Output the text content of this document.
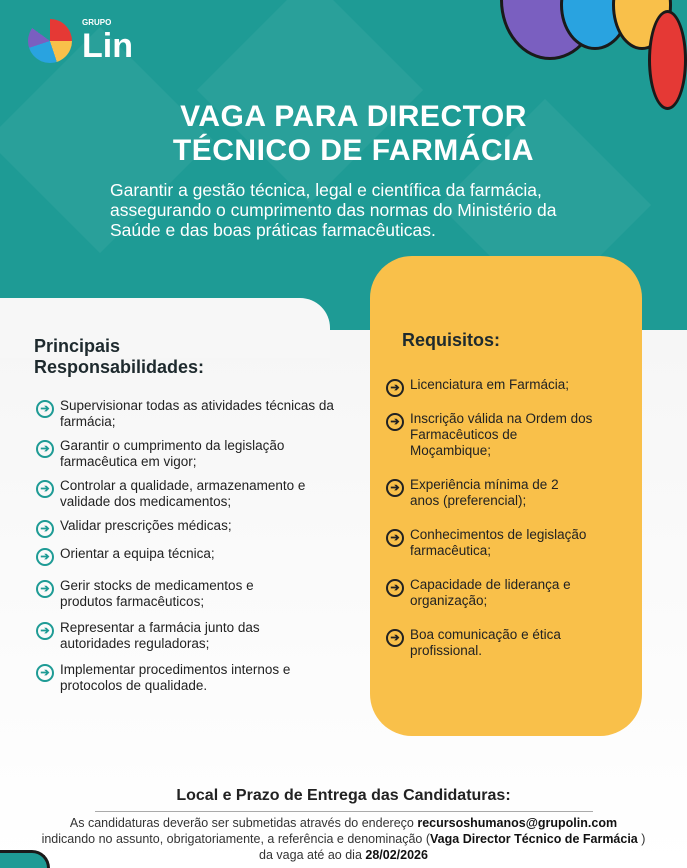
GRUPO
Lin
VAGA PARA DIRECTOR
TÉCNICO DE FARMÁCIA
Garantir a gestão técnica, legal e científica da farmácia, assegurando o cumprimento das normas do Ministério da Saúde e das boas práticas farmacêuticas.
Principais Responsabilidades:
➔ Supervisionar todas as atividades técnicas da farmácia;
➔ Garantir o cumprimento da legislação farmacêutica em vigor;
➔ Controlar a qualidade, armazenamento e validade dos medicamentos;
➔ Validar prescrições médicas;
➔ Orientar a equipa técnica;
➔ Gerir stocks de medicamentos e produtos farmacêuticos;
➔ Representar a farmácia junto das autoridades reguladoras;
➔ Implementar procedimentos internos e protocolos de qualidade.
Requisitos:
➔ Licenciatura em Farmácia;
➔ Inscrição válida na Ordem dos Farmacêuticos de Moçambique;
➔ Experiência mínima de 2 anos (preferencial);
➔ Conhecimentos de legislação farmacêutica;
➔ Capacidade de liderança e organização;
➔ Boa comunicação e ética profissional.
Local e Prazo de Entrega das Candidaturas:
As candidaturas deverão ser submetidas através do endereço recursoshumanos@grupolin.com
indicando no assunto, obrigatoriamente, a referência e denominação (Vaga Director Técnico de Farmácia )
da vaga até ao dia 28/02/2026
